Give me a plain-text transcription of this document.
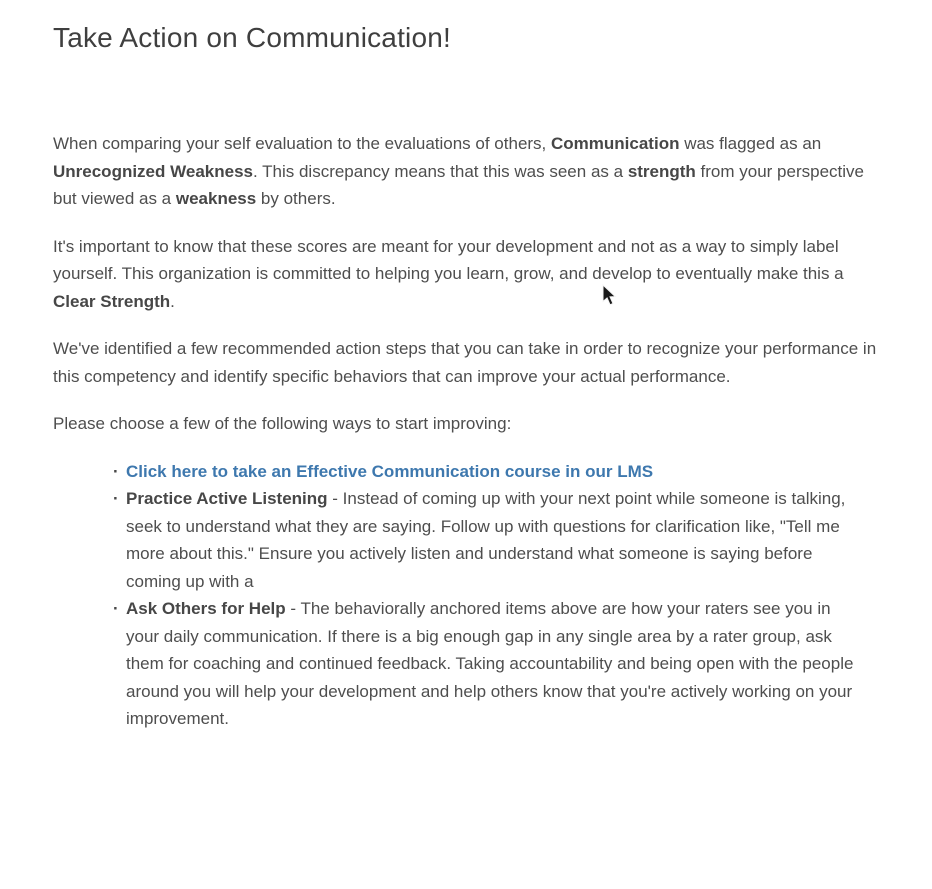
Take Action on Communication!

When comparing your self evaluation to the evaluations of others, Communication was flagged as an Unrecognized Weakness. This discrepancy means that this was seen as a strength from your perspective but viewed as a weakness by others.

It's important to know that these scores are meant for your development and not as a way to simply label yourself. This organization is committed to helping you learn, grow, and develop to eventually make this a Clear Strength.

We've identified a few recommended action steps that you can take in order to recognize your performance in this competency and identify specific behaviors that can improve your actual performance.

Please choose a few of the following ways to start improving:

· Click here to take an Effective Communication course in our LMS
· Practice Active Listening - Instead of coming up with your next point while someone is talking, seek to understand what they are saying. Follow up with questions for clarification like, "Tell me more about this." Ensure you actively listen and understand what someone is saying before coming up with a
· Ask Others for Help - The behaviorally anchored items above are how your raters see you in your daily communication. If there is a big enough gap in any single area by a rater group, ask them for coaching and continued feedback. Taking accountability and being open with the people around you will help your development and help others know that you're actively working on your improvement.
